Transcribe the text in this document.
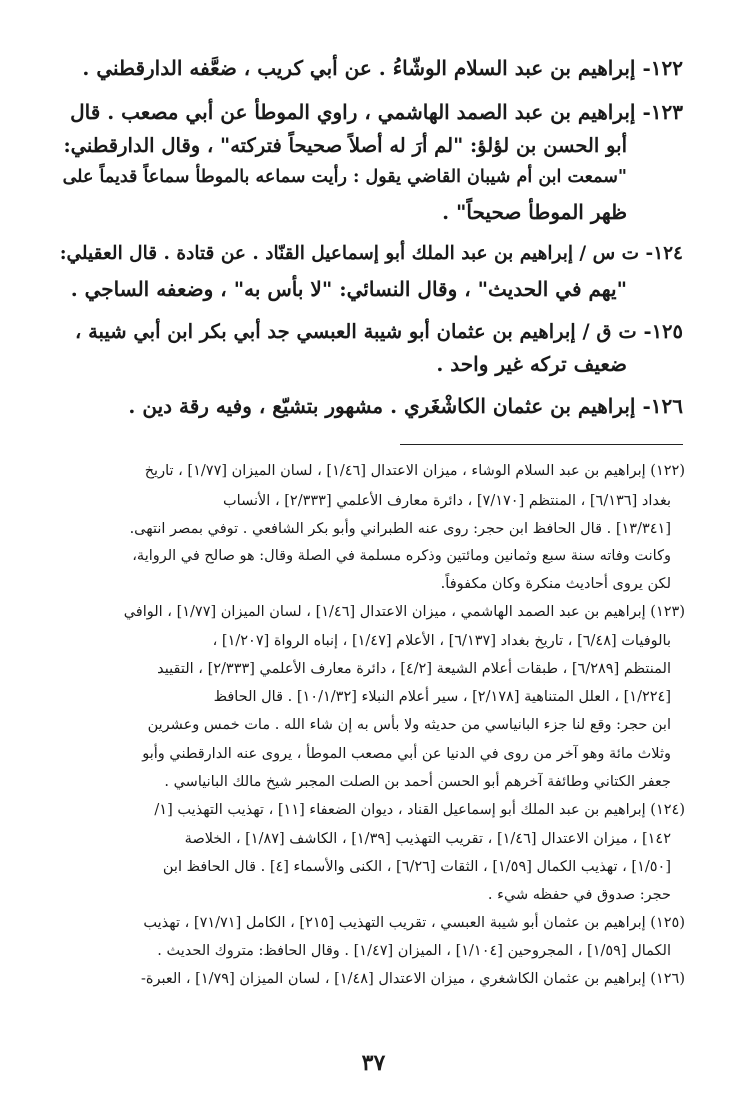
١٢٢- إبراهيم بن عبد السلام الوشّاءُ . عن أبي كريب ، ضعَّفه الدارقطني .
١٢٣- إبراهيم بن عبد الصمد الهاشمي ، راوي الموطأ عن أبي مصعب . قال
أبو الحسن بن لؤلؤ: "لم أرَ له أصلاً صحيحاً فتركته" ، وقال الدارقطني:
"سمعت ابن أم شيبان القاضي يقول : رأيت سماعه بالموطأ سماعاً قديماً على
ظهر الموطأ صحيحاً" .
١٢٤- ت س / إبراهيم بن عبد الملك أبو إسماعيل القنّاد . عن قتادة . قال العقيلي:
"يهم في الحديث" ، وقال النسائي: "لا بأس به" ، وضعفه الساجي .
١٢٥- ت ق / إبراهيم بن عثمان أبو شيبة العبسي جد أبي بكر ابن أبي شيبة ،
ضعيف تركه غير واحد .
١٢٦- إبراهيم بن عثمان الكاشْغَري . مشهور بتشيّع ، وفيه رقة دين .
(١٢٢) إبراهيم بن عبد السلام الوشاء ، ميزان الاعتدال [١/٤٦] ، لسان الميزان [١/٧٧] ، تاريخ
بغداد [٦/١٣٦] ، المنتظم [٧/١٧٠] ، دائرة معارف الأعلمي [٢/٣٣٣] ، الأنساب
[١٣/٣٤١] . قال الحافظ ابن حجر: روى عنه الطبراني وأبو بكر الشافعي . توفي بمصر انتهى.
وكانت وفاته سنة سبع وثمانين ومائتين وذكره مسلمة في الصلة وقال: هو صالح في الرواية،
لكن يروى أحاديث منكرة وكان مكفوفاً.
(١٢٣) إبراهيم بن عبد الصمد الهاشمي ، ميزان الاعتدال [١/٤٦] ، لسان الميزان [١/٧٧] ، الوافي
بالوفيات [٦/٤٨] ، تاريخ بغداد [٦/١٣٧] ، الأعلام [١/٤٧] ، إنباه الرواة [١/٢٠٧] ،
المنتظم [٦/٢٨٩] ، طبقات أعلام الشيعة [٤/٢] ، دائرة معارف الأعلمي [٢/٣٣٣] ، التقييد
[١/٢٢٤] ، العلل المتناهية [٢/١٧٨] ، سير أعلام النبلاء [١٠/١/٣٢] . قال الحافظ
ابن حجر: وقع لنا جزء البانياسي من حديثه ولا بأس به إن شاء الله . مات خمس وعشرين
وثلاث مائة وهو آخر من روى في الدنيا عن أبي مصعب الموطأ ، يروى عنه الدارقطني وأبو
جعفر الكتاني وطائفة آخرهم أبو الحسن أحمد بن الصلت المجبر شيخ مالك البانياسي .
(١٢٤) إبراهيم بن عبد الملك أبو إسماعيل القناد ، ديوان الضعفاء [١١] ، تهذيب التهذيب [١/
١٤٢] ، ميزان الاعتدال [١/٤٦] ، تقريب التهذيب [١/٣٩] ، الكاشف [١/٨٧] ، الخلاصة
[١/٥٠] ، تهذيب الكمال [١/٥٩] ، الثقات [٦/٢٦] ، الكنى والأسماء [٤] . قال الحافظ ابن
حجر: صدوق في حفظه شيء .
(١٢٥) إبراهيم بن عثمان أبو شيبة العبسي ، تقريب التهذيب [٢١٥] ، الكامل [٧١/٧١] ، تهذيب
الكمال [١/٥٩] ، المجروحين [١/١٠٤] ، الميزان [١/٤٧] . وقال الحافظ: متروك الحديث .
(١٢٦) إبراهيم بن عثمان الكاشغري ، ميزان الاعتدال [١/٤٨] ، لسان الميزان [١/٧٩] ، العبرة-
٣٧
